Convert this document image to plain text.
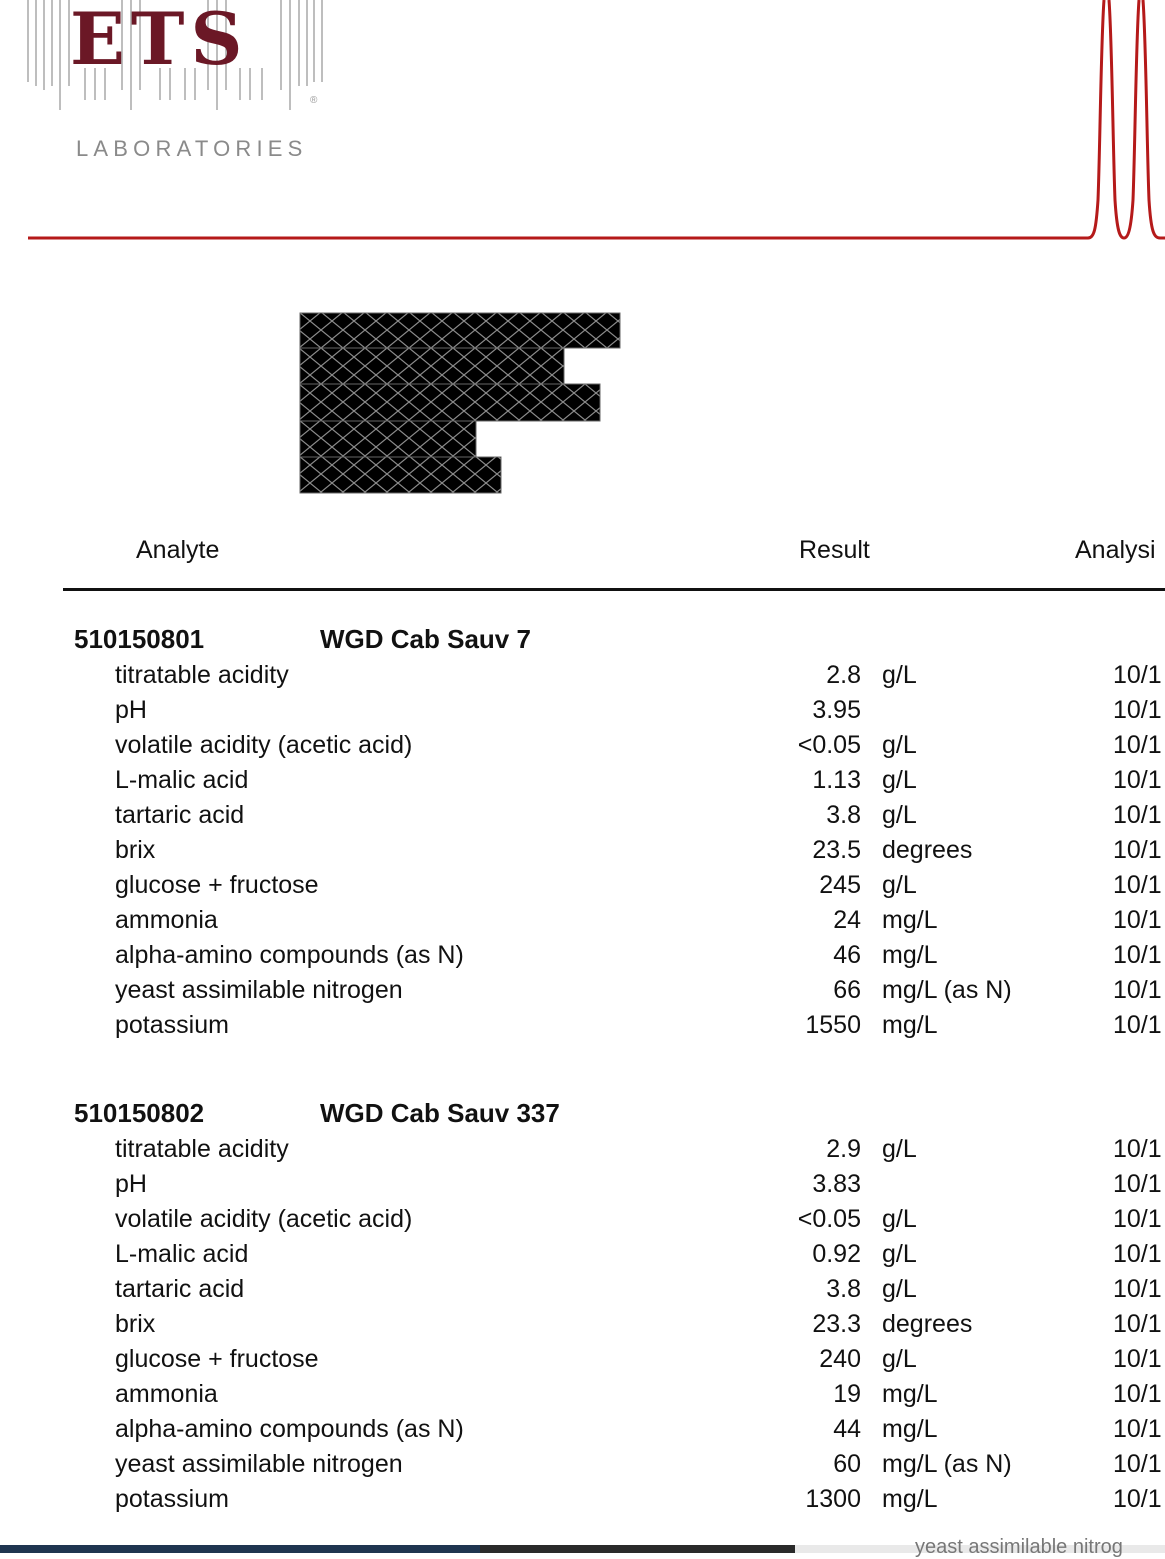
ETS
®
LABORATORIES
Analyte	Result	Analysi
510150801	WGD Cab Sauv 7
titratable acidity	2.8 g/L	10/1
pH	3.95	10/1
volatile acidity (acetic acid)	<0.05 g/L	10/1
L-malic acid	1.13 g/L	10/1
tartaric acid	3.8 g/L	10/1
brix	23.5 degrees	10/1
glucose + fructose	245 g/L	10/1
ammonia	24 mg/L	10/1
alpha-amino compounds (as N)	46 mg/L	10/1
yeast assimilable nitrogen	66 mg/L (as N)	10/1
potassium	1550 mg/L	10/1
510150802	WGD Cab Sauv 337
titratable acidity	2.9 g/L	10/1
pH	3.83	10/1
volatile acidity (acetic acid)	<0.05 g/L	10/1
L-malic acid	0.92 g/L	10/1
tartaric acid	3.8 g/L	10/1
brix	23.3 degrees	10/1
glucose + fructose	240 g/L	10/1
ammonia	19 mg/L	10/1
alpha-amino compounds (as N)	44 mg/L	10/1
yeast assimilable nitrogen	60 mg/L (as N)	10/1
potassium	1300 mg/L	10/1
yeast assimilable nitrog
